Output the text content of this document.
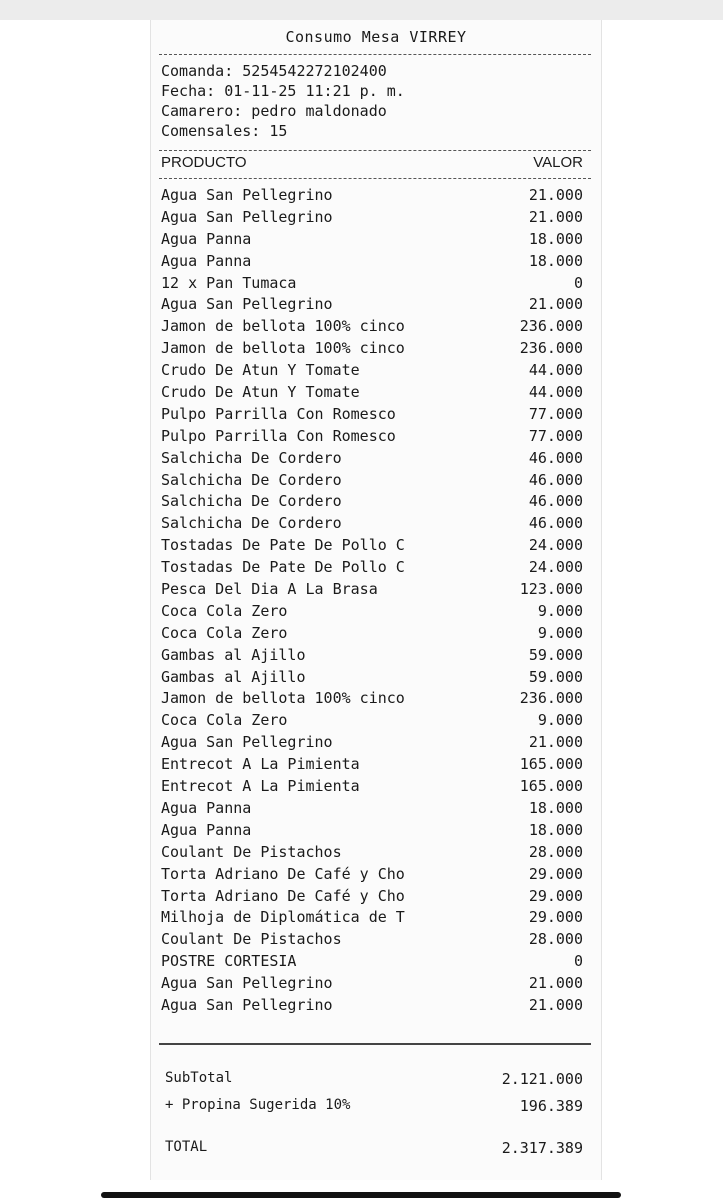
Consumo Mesa VIRREY
Comanda: 5254542272102400
Fecha: 01-11-25 11:21 p. m.
Camarero: pedro maldonado
Comensales: 15
PRODUCTO	VALOR
Agua San Pellegrino	21.000
Agua San Pellegrino	21.000
Agua Panna	18.000
Agua Panna	18.000
12 x Pan Tumaca	0
Agua San Pellegrino	21.000
Jamon de bellota 100% cinco	236.000
Jamon de bellota 100% cinco	236.000
Crudo De Atun Y Tomate	44.000
Crudo De Atun Y Tomate	44.000
Pulpo Parrilla Con Romesco	77.000
Pulpo Parrilla Con Romesco	77.000
Salchicha De Cordero	46.000
Salchicha De Cordero	46.000
Salchicha De Cordero	46.000
Salchicha De Cordero	46.000
Tostadas De Pate De Pollo C	24.000
Tostadas De Pate De Pollo C	24.000
Pesca Del Dia A La Brasa	123.000
Coca Cola Zero	9.000
Coca Cola Zero	9.000
Gambas al Ajillo	59.000
Gambas al Ajillo	59.000
Jamon de bellota 100% cinco	236.000
Coca Cola Zero	9.000
Agua San Pellegrino	21.000
Entrecot A La Pimienta	165.000
Entrecot A La Pimienta	165.000
Agua Panna	18.000
Agua Panna	18.000
Coulant De Pistachos	28.000
Torta Adriano De Café y Cho	29.000
Torta Adriano De Café y Cho	29.000
Milhoja de Diplomática de T	29.000
Coulant De Pistachos	28.000
POSTRE CORTESIA	0
Agua San Pellegrino	21.000
Agua San Pellegrino	21.000
SubTotal	2.121.000
+ Propina Sugerida 10%	196.389
TOTAL	2.317.389
